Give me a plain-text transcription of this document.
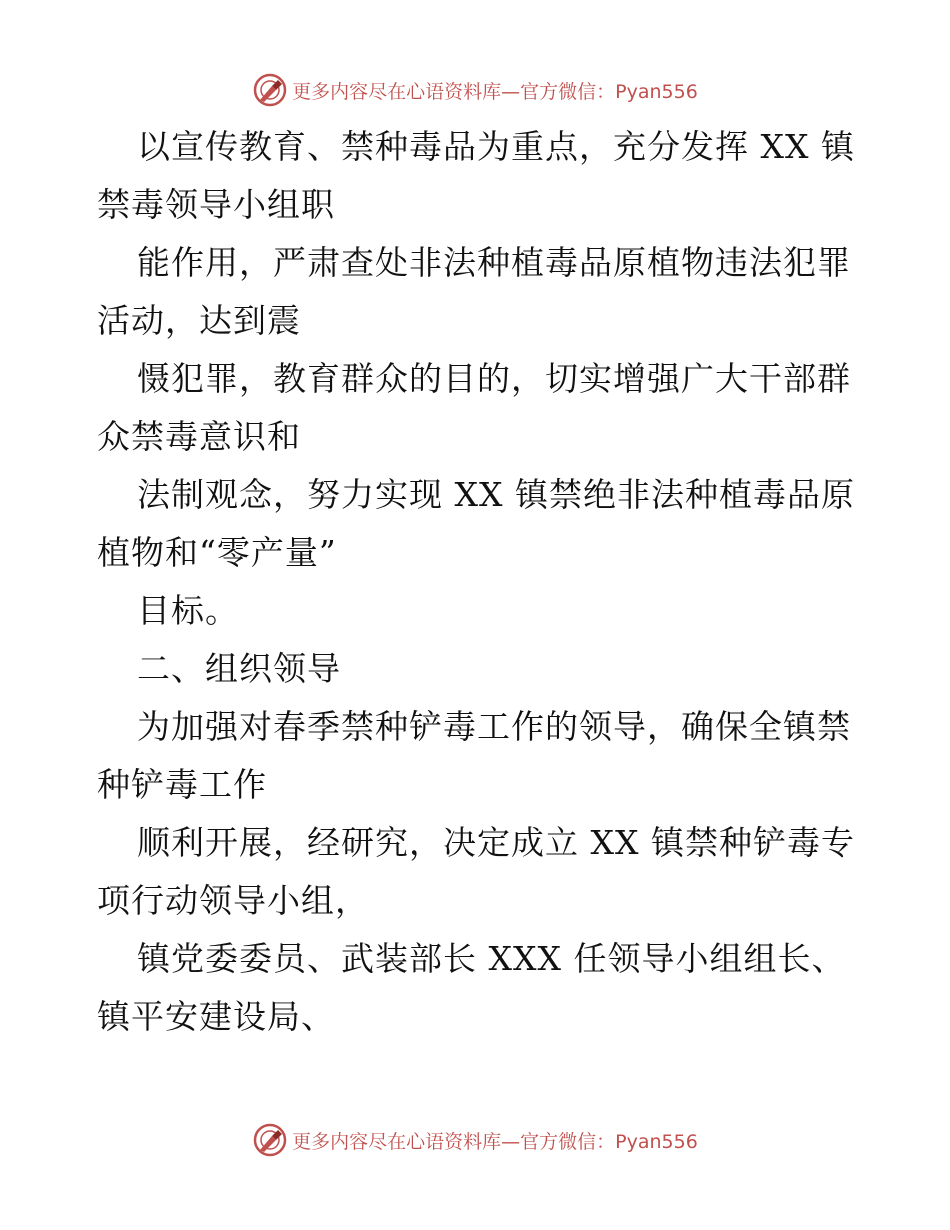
更多内容尽在心语资料库—官方微信：Pyan556
以宣传教育、禁种毒品为重点，充分发挥 XX 镇
禁毒领导小组职
能作用，严肃查处非法种植毒品原植物违法犯罪
活动，达到震
慑犯罪，教育群众的目的，切实增强广大干部群
众禁毒意识和
法制观念，努力实现 XX 镇禁绝非法种植毒品原
植物和“零产量”
目标。
二、组织领导
为加强对春季禁种铲毒工作的领导，确保全镇禁
种铲毒工作
顺利开展，经研究，决定成立 XX 镇禁种铲毒专
项行动领导小组，
镇党委委员、武装部长 XXX 任领导小组组长、
镇平安建设局、
更多内容尽在心语资料库—官方微信：Pyan556
